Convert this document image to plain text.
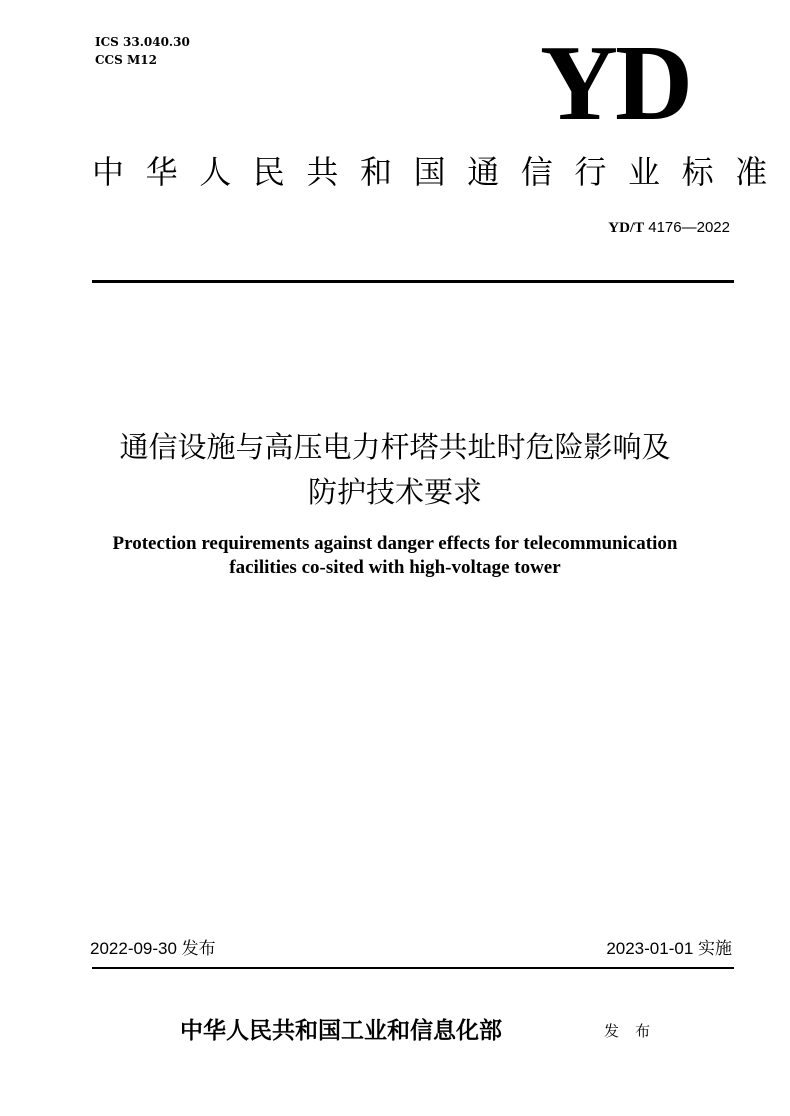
ICS 33.040.30
CCS M12	YD
中华人民共和国通信行业标准
YD/T 4176—2022
通信设施与高压电力杆塔共址时危险影响及
防护技术要求
Protection requirements against danger effects for telecommunication
facilities co-sited with high-voltage tower
2022-09-30 发布	2023-01-01 实施
中华人民共和国工业和信息化部	发 布
